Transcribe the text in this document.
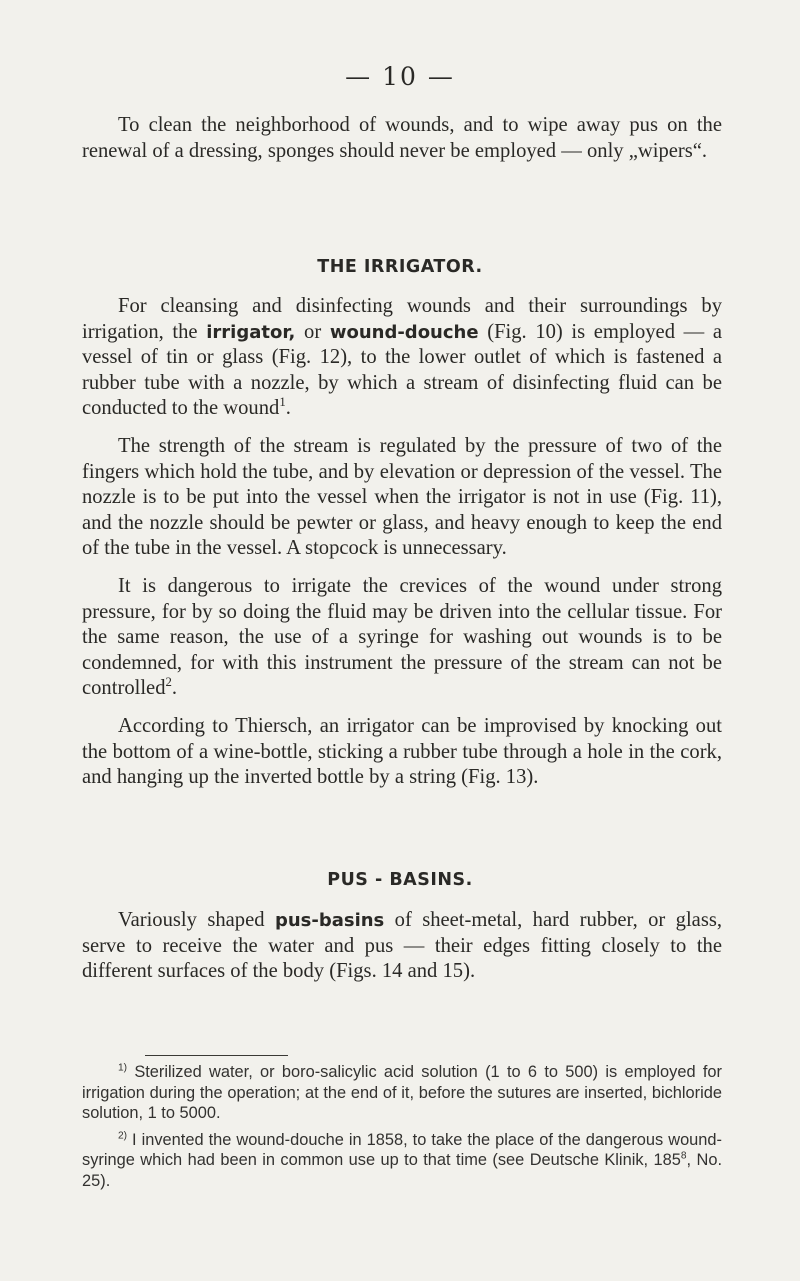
— 10 —

To clean the neighborhood of wounds, and to wipe away pus on the renewal of a dressing, sponges should never be employed — only „wipers“.

THE IRRIGATOR.

For cleansing and disinfecting wounds and their surroundings by irrigation, the irrigator, or wound-douche (Fig. 10) is employed — a vessel of tin or glass (Fig. 12), to the lower outlet of which is fastened a rubber tube with a nozzle, by which a stream of disinfecting fluid can be conducted to the wound$^1$.

The strength of the stream is regulated by the pressure of two of the fingers which hold the tube, and by elevation or depression of the vessel. The nozzle is to be put into the vessel when the irrigator is not in use (Fig. 11), and the nozzle should be pewter or glass, and heavy enough to keep the end of the tube in the vessel. A stopcock is unnecessary.

It is dangerous to irrigate the crevices of the wound under strong pressure, for by so doing the fluid may be driven into the cellular tissue. For the same reason, the use of a syringe for washing out wounds is to be condemned, for with this instrument the pressure of the stream can not be controlled$^2$.

According to Thiersch, an irrigator can be improvised by knocking out the bottom of a wine-bottle, sticking a rubber tube through a hole in the cork, and hanging up the inverted bottle by a string (Fig. 13).

PUS - BASINS.

Variously shaped pus-basins of sheet-metal, hard rubber, or glass, serve to receive the water and pus — their edges fitting closely to the different surfaces of the body (Figs. 14 and 15).

$^{1)}$ Sterilized water, or boro-salicylic acid solution (1 to 6 to 500) is employed for irrigation during the operation; at the end of it, before the sutures are inserted, bichloride solution, 1 to 5000.

$^{2)}$ I invented the wound-douche in 1858, to take the place of the dangerous wound-syringe which had been in common use up to that time (see Deutsche Klinik, $185^8$, No. 25).
